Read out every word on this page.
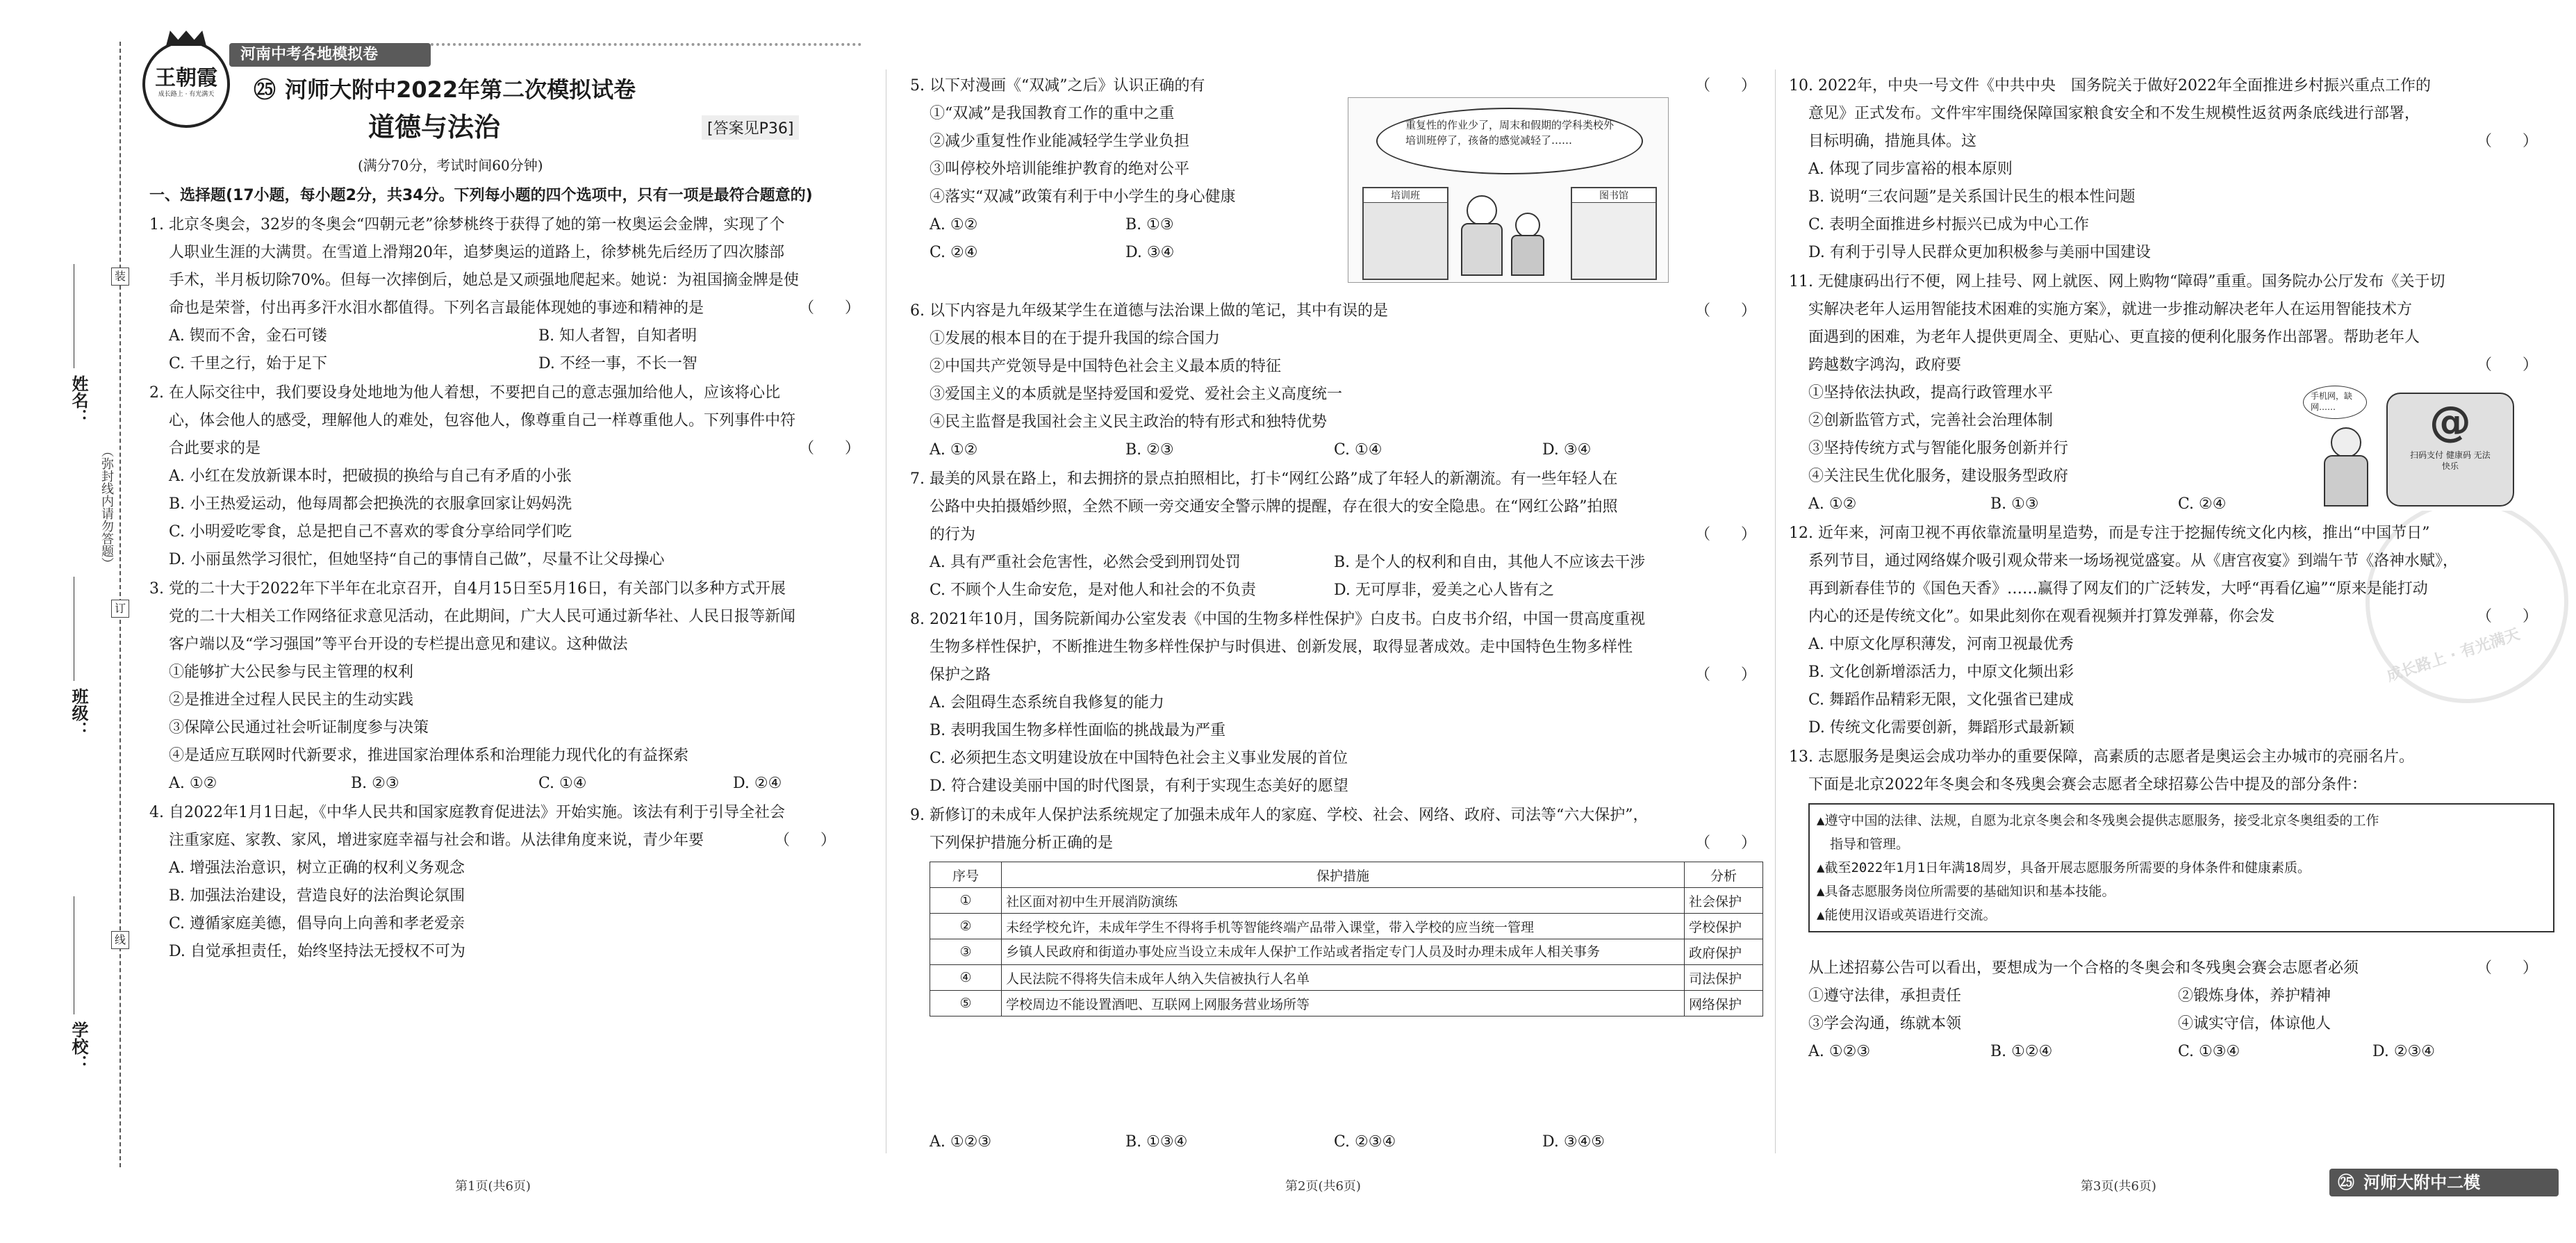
装
订
线
姓名：
班级：
学校：
（弥封线内请勿答题）
王朝霞
成长路上 · 有光满天
河南中考各地模拟卷
㉕ 河师大附中2022年第二次模拟试卷
道德与法治	[答案见P36]
(满分70分，考试时间60分钟)
一、选择题(17小题，每小题2分，共34分。下列每小题的四个选项中，只有一项是最符合题意的)
1. 北京冬奥会，32岁的冬奥会“四朝元老”徐梦桃终于获得了她的第一枚奥运会金牌，实现了个
人职业生涯的大满贯。在雪道上滑翔20年，追梦奥运的道路上，徐梦桃先后经历了四次膝部
手术，半月板切除70%。但每一次摔倒后，她总是又顽强地爬起来。她说：为祖国摘金牌是使
命也是荣誉，付出再多汗水泪水都值得。下列名言最能体现她的事迹和精神的是	（　　）
A. 锲而不舍，金石可镂	B. 知人者智，自知者明
C. 千里之行，始于足下	D. 不经一事，不长一智
2. 在人际交往中，我们要设身处地地为他人着想，不要把自己的意志强加给他人，应该将心比
心，体会他人的感受，理解他人的难处，包容他人，像尊重自己一样尊重他人。下列事件中符
合此要求的是	（　　）
A. 小红在发放新课本时，把破损的换给与自己有矛盾的小张
B. 小王热爱运动，他每周都会把换洗的衣服拿回家让妈妈洗
C. 小明爱吃零食，总是把自己不喜欢的零食分享给同学们吃
D. 小丽虽然学习很忙，但她坚持“自己的事情自己做”，尽量不让父母操心
3. 党的二十大于2022年下半年在北京召开，自4月15日至5月16日，有关部门以多种方式开展
党的二十大相关工作网络征求意见活动，在此期间，广大人民可通过新华社、人民日报等新闻
客户端以及“学习强国”等平台开设的专栏提出意见和建议。这种做法
①能够扩大公民参与民主管理的权利
②是推进全过程人民民主的生动实践
③保障公民通过社会听证制度参与决策
④是适应互联网时代新要求，推进国家治理体系和治理能力现代化的有益探索
A. ①②	B. ②③	C. ①④	D. ②④
4. 自2022年1月1日起，《中华人民共和国家庭教育促进法》开始实施。该法有利于引导全社会
注重家庭、家教、家风，增进家庭幸福与社会和谐。从法律角度来说，青少年要	（　　）
A. 增强法治意识，树立正确的权利义务观念
B. 加强法治建设，营造良好的法治舆论氛围
C. 遵循家庭美德，倡导向上向善和孝老爱亲
D. 自觉承担责任，始终坚持法无授权不可为
第1页(共6页)
5. 以下对漫画《“双减”之后》认识正确的有	（　　）
①“双减”是我国教育工作的重中之重
②减少重复性作业能减轻学生学业负担
③叫停校外培训能维护教育的绝对公平
④落实“双减”政策有利于中小学生的身心健康
A. ①②	B. ①③
C. ②④	D. ③④
重复性的作业少了，周末和假期的学科类校外培训班停了，孩备的感觉减轻了……
培训班	图书馆
6. 以下内容是九年级某学生在道德与法治课上做的笔记，其中有误的是	（　　）
①发展的根本目的在于提升我国的综合国力
②中国共产党领导是中国特色社会主义最本质的特征
③爱国主义的本质就是坚持爱国和爱党、爱社会主义高度统一
④民主监督是我国社会主义民主政治的特有形式和独特优势
A. ①②	B. ②③	C. ①④	D. ③④
7. 最美的风景在路上，和去拥挤的景点拍照相比，打卡“网红公路”成了年轻人的新潮流。有一些年轻人在
公路中央拍摄婚纱照，全然不顾一旁交通安全警示牌的提醒，存在很大的安全隐患。在“网红公路”拍照
的行为	（　　）
A. 具有严重社会危害性，必然会受到刑罚处罚	B. 是个人的权利和自由，其他人不应该去干涉
C. 不顾个人生命安危，是对他人和社会的不负责	D. 无可厚非，爱美之心人皆有之
8. 2021年10月，国务院新闻办公室发表《中国的生物多样性保护》白皮书。白皮书介绍，中国一贯高度重视
生物多样性保护，不断推进生物多样性保护与时俱进、创新发展，取得显著成效。走中国特色生物多样性
保护之路	（　　）
A. 会阻碍生态系统自我修复的能力
B. 表明我国生物多样性面临的挑战最为严重
C. 必须把生态文明建设放在中国特色社会主义事业发展的首位
D. 符合建设美丽中国的时代图景，有利于实现生态美好的愿望
9. 新修订的未成年人保护法系统规定了加强未成年人的家庭、学校、社会、网络、政府、司法等“六大保护”，
下列保护措施分析正确的是	（　　）
序号	保护措施	分析
①	社区面对初中生开展消防演练	社会保护
②	未经学校允许，未成年学生不得将手机等智能终端产品带入课堂，带入学校的应当统一管理	学校保护
③	乡镇人民政府和街道办事处应当设立未成年人保护工作站或者指定专门人员及时办理未成年人相关事务	政府保护
④	人民法院不得将失信未成年人纳入失信被执行人名单	司法保护
⑤	学校周边不能设置酒吧、互联网上网服务营业场所等	网络保护
A. ①②③	B. ①③④	C. ②③④	D. ③④⑤
第2页(共6页)
成长路上 · 有光满天
10. 2022年，中央一号文件《中共中央　国务院关于做好2022年全面推进乡村振兴重点工作的
意见》正式发布。文件牢牢围绕保障国家粮食安全和不发生规模性返贫两条底线进行部署，
目标明确，措施具体。这	（　　）
A. 体现了同步富裕的根本原则
B. 说明“三农问题”是关系国计民生的根本性问题
C. 表明全面推进乡村振兴已成为中心工作
D. 有利于引导人民群众更加积极参与美丽中国建设
11. 无健康码出行不便，网上挂号、网上就医、网上购物“障碍”重重。国务院办公厅发布《关于切
实解决老年人运用智能技术困难的实施方案》，就进一步推动解决老年人在运用智能技术方
面遇到的困难，为老年人提供更周全、更贴心、更直接的便利化服务作出部署。帮助老年人
跨越数字鸿沟，政府要	（　　）
①坚持依法执政，提高行政管理水平
②创新监管方式，完善社会治理体制
③坚持传统方式与智能化服务创新并行
④关注民生优化服务，建设服务型政府
A. ①②	B. ①③	C. ②④
手机网，缺网……	@
扫码支付 健康码 无法快乐
12. 近年来，河南卫视不再依靠流量明星造势，而是专注于挖掘传统文化内核，推出“中国节日”
系列节目，通过网络媒介吸引观众带来一场场视觉盛宴。从《唐宫夜宴》到端午节《洛神水赋》，
再到新春佳节的《国色天香》……赢得了网友们的广泛转发，大呼“再看亿遍”“原来是能打动
内心的还是传统文化”。如果此刻你在观看视频并打算发弹幕，你会发	（　　）
A. 中原文化厚积薄发，河南卫视最优秀
B. 文化创新增添活力，中原文化频出彩
C. 舞蹈作品精彩无限，文化强省已建成
D. 传统文化需要创新，舞蹈形式最新颖
13. 志愿服务是奥运会成功举办的重要保障，高素质的志愿者是奥运会主办城市的亮丽名片。
下面是北京2022年冬奥会和冬残奥会赛会志愿者全球招募公告中提及的部分条件：
▲遵守中国的法律、法规，自愿为北京冬奥会和冬残奥会提供志愿服务，接受北京冬奥组委的工作
　指导和管理。
▲截至2022年1月1日年满18周岁，具备开展志愿服务所需要的身体条件和健康素质。
▲具备志愿服务岗位所需要的基础知识和基本技能。
▲能使用汉语或英语进行交流。
从上述招募公告可以看出，要想成为一个合格的冬奥会和冬残奥会赛会志愿者必须	（　　）
①遵守法律，承担责任	②锻炼身体，养护精神
③学会沟通，练就本领	④诚实守信，体谅他人
A. ①②③	B. ①②④	C. ①③④	D. ②③④
第3页(共6页)	㉕ 河师大附中二模
